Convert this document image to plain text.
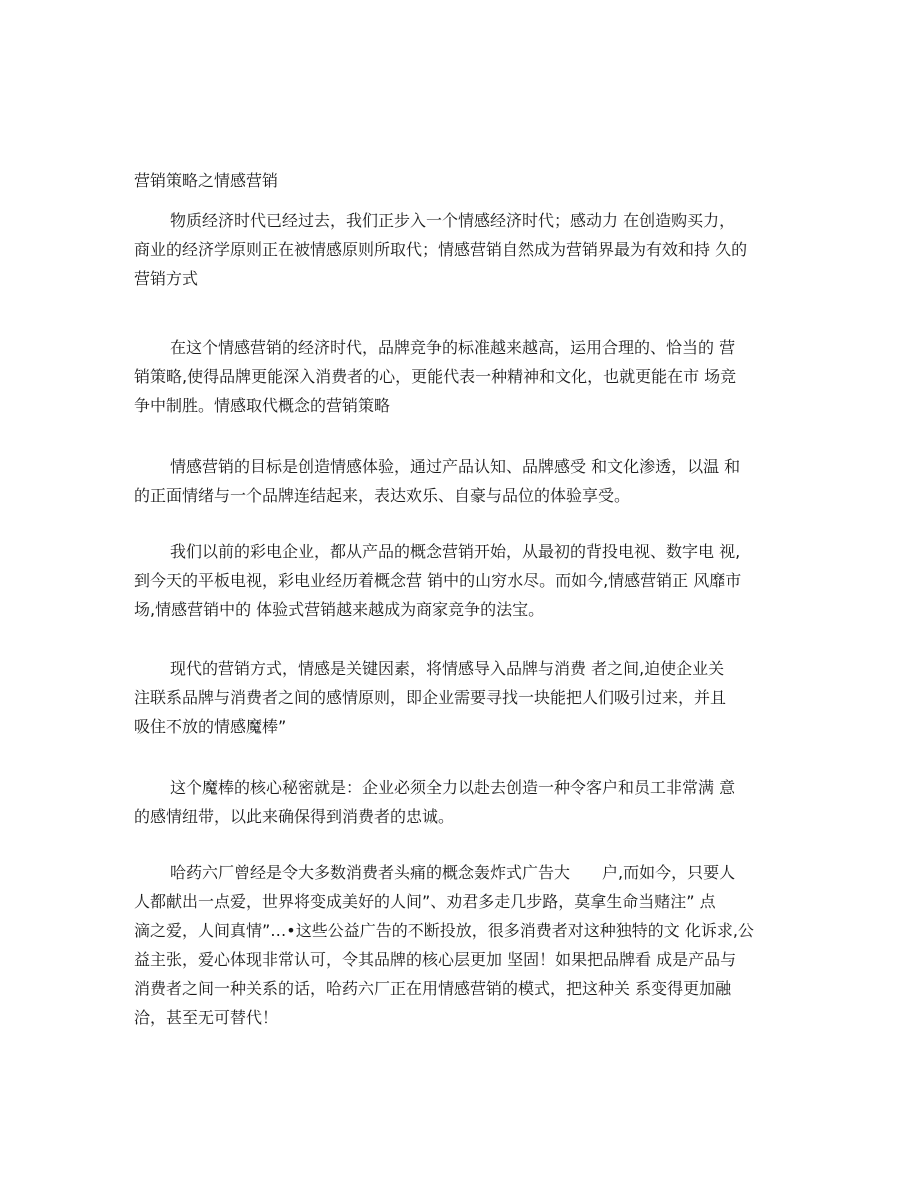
营销策略之情感营销
物质经济时代已经过去，我们正步入一个情感经济时代；感动力 在创造购买力，
商业的经济学原则正在被情感原则所取代；情感营销自然成为营销界最为有效和持 久的
营销方式
在这个情感营销的经济时代，品牌竞争的标准越来越高，运用合理的、恰当的 营
销策略,使得品牌更能深入消费者的心，更能代表一种精神和文化，也就更能在市 场竞
争中制胜。情感取代概念的营销策略
情感营销的目标是创造情感体验，通过产品认知、品牌感受 和文化渗透，以温 和
的正面情绪与一个品牌连结起来，表达欢乐、自豪与品位的体验享受。
我们以前的彩电企业，都从产品的概念营销开始，从最初的背投电视、数字电 视,
到今天的平板电视，彩电业经历着概念营 销中的山穷水尽。而如今,情感营销正 风靡市
场,情感营销中的 体验式营销越来越成为商家竞争的法宝。
现代的营销方式，情感是关键因素，将情感导入品牌与消费 者之间,迫使企业关
注联系品牌与消费者之间的感情原则，即企业需要寻找一块能把人们吸引过来，并且
吸住不放的情感魔棒”
这个魔棒的核心秘密就是：企业必须全力以赴去创造一种令客户和员工非常满 意
的感情纽带，以此来确保得到消费者的忠诚。
哈药六厂曾经是令大多数消费者头痛的概念轰炸式广告大　　户,而如今，只要人
人都献出一点爱，世界将变成美好的人间”、劝君多走几步路，莫拿生命当赌注” 点
滴之爱，人间真情”…•这些公益广告的不断投放，很多消费者对这种独特的文 化诉求,公
益主张，爱心体现非常认可，令其品牌的核心层更加 坚固！如果把品牌看 成是产品与
消费者之间一种关系的话，哈药六厂正在用情感营销的模式，把这种关 系变得更加融
洽，甚至无可替代！
